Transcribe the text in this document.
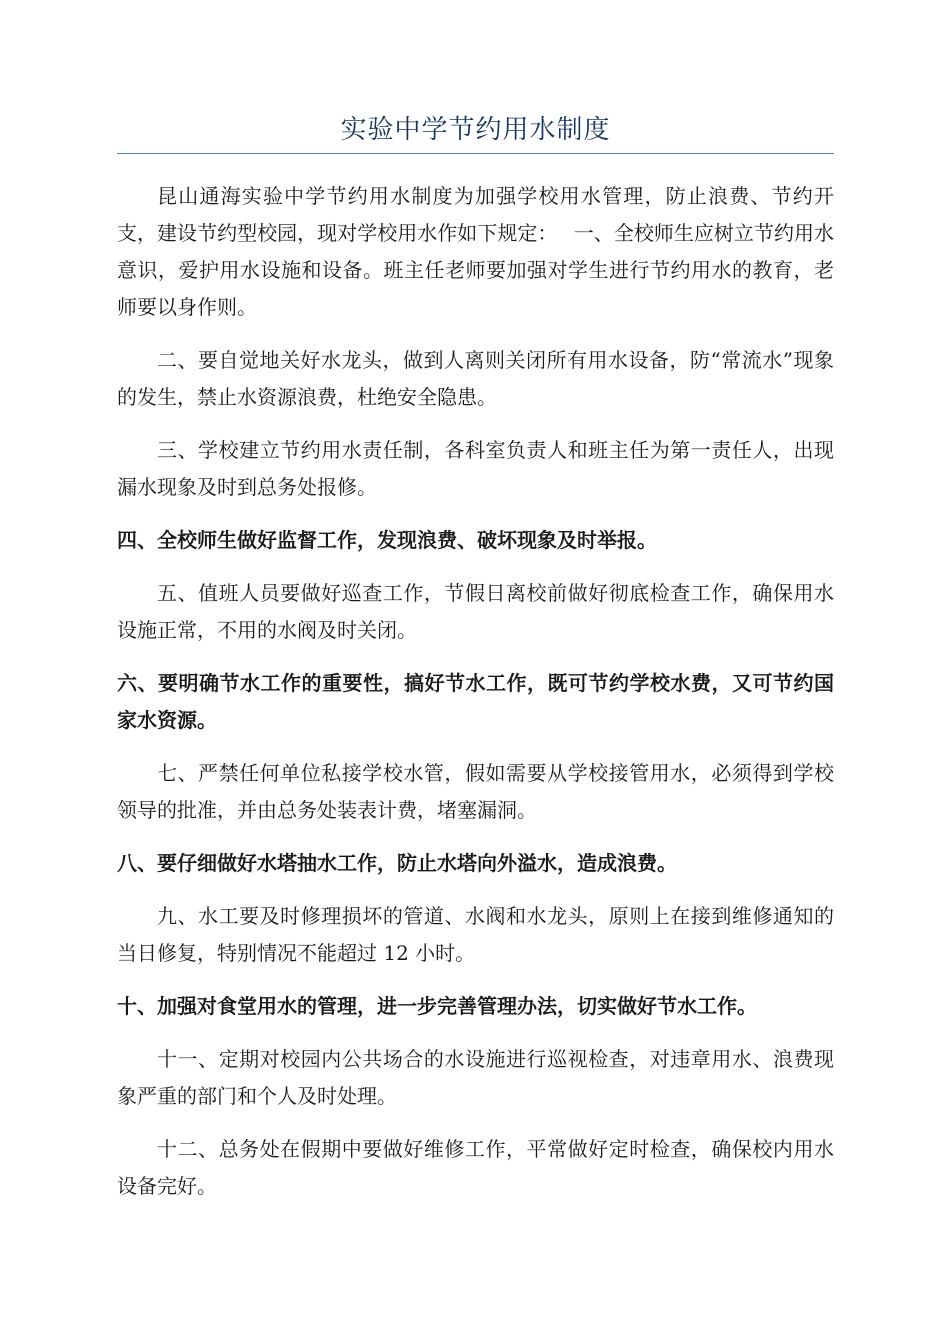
实验中学节约用水制度

昆山通海实验中学节约用水制度为加强学校用水管理，防止浪费、节约开支，建设节约型校园，现对学校用水作如下规定：　 一、全校师生应树立节约用水意识，爱护用水设施和设备。班主任老师要加强对学生进行节约用水的教育，老师要以身作则。

二、要自觉地关好水龙头，做到人离则关闭所有用水设备，防“常流水”现象的发生，禁止水资源浪费，杜绝安全隐患。

三、学校建立节约用水责任制，各科室负责人和班主任为第一责任人，出现漏水现象及时到总务处报修。

四、全校师生做好监督工作，发现浪费、破坏现象及时举报。

五、值班人员要做好巡查工作，节假日离校前做好彻底检查工作，确保用水设施正常，不用的水阀及时关闭。

六、要明确节水工作的重要性，搞好节水工作，既可节约学校水费，又可节约国家水资源。

七、严禁任何单位私接学校水管，假如需要从学校接管用水，必须得到学校领导的批准，并由总务处装表计费，堵塞漏洞。

八、要仔细做好水塔抽水工作，防止水塔向外溢水，造成浪费。

九、水工要及时修理损坏的管道、水阀和水龙头，原则上在接到维修通知的当日修复，特别情况不能超过 12 小时。

十、加强对食堂用水的管理，进一步完善管理办法，切实做好节水工作。

十一、定期对校园内公共场合的水设施进行巡视检查，对违章用水、浪费现象严重的部门和个人及时处理。

十二、总务处在假期中要做好维修工作，平常做好定时检查，确保校内用水设备完好。
